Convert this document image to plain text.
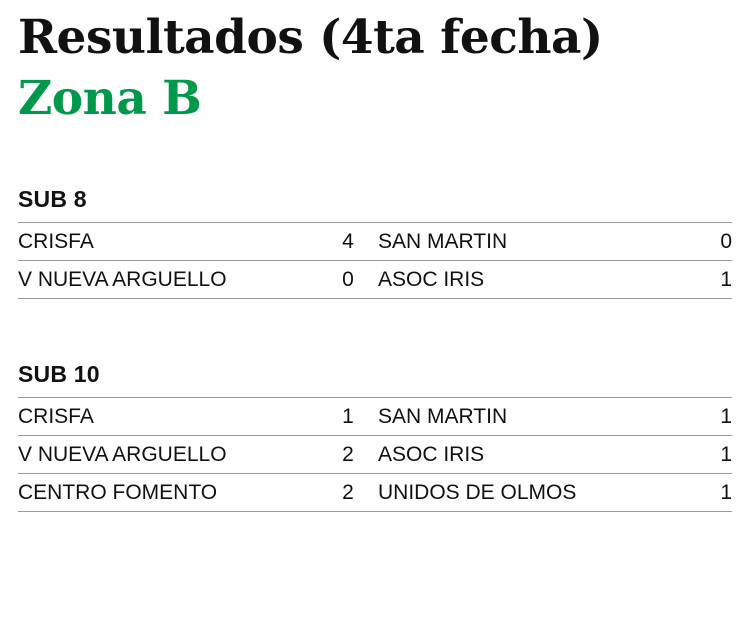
Resultados (4ta fecha)
Zona B
SUB 8
CRISFA	4	SAN MARTIN	0
V NUEVA ARGUELLO	0	ASOC IRIS	1
SUB 10
CRISFA	1	SAN MARTIN	1
V NUEVA ARGUELLO	2	ASOC IRIS	1
CENTRO FOMENTO	2	UNIDOS DE OLMOS	1
